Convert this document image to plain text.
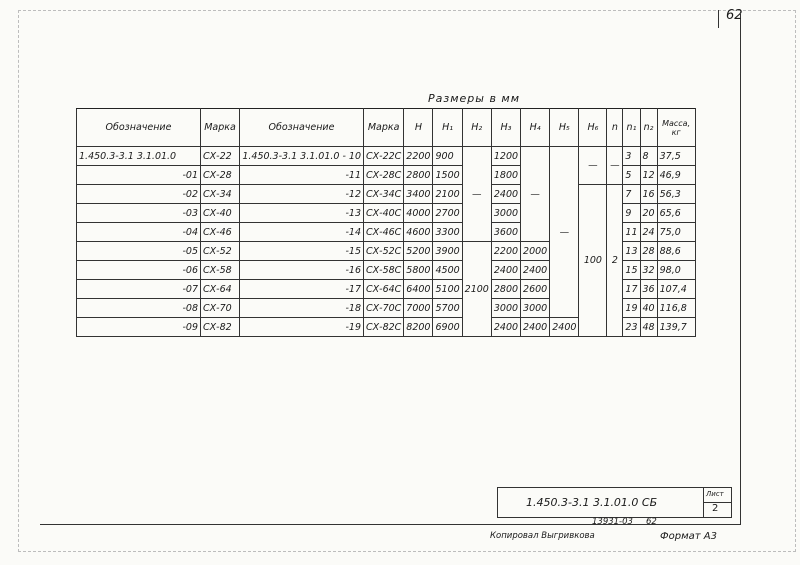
62
Размеры в мм
Обозначение	Марка	Обозначение	Марка	H	H₁	H₂	H₃	H₄	H₅	H₆	n	n₁	n₂	Масса, кг
1.450.3-3.1 3.1.01.0	СХ-22	1.450.3-3.1 3.1.01.0 - 10	СХ-22С	2200	900	—	1200	—	—	—	—	3	8	37,5
-01	СХ-28	-11	СХ-28С	2800	1500		1800					5	12	46,9
-02	СХ-34	-12	СХ-34С	3400	2100		2400			100	2	7	16	56,3
-03	СХ-40	-13	СХ-40С	4000	2700		3000					9	20	65,6
-04	СХ-46	-14	СХ-46С	4600	3300		3600					11	24	75,0
-05	СХ-52	-15	СХ-52С	5200	3900	2100	2200	2000				13	28	88,6
-06	СХ-58	-16	СХ-58С	5800	4500		2400	2400				15	32	98,0
-07	СХ-64	-17	СХ-64С	6400	5100		2800	2600				17	36	107,4
-08	СХ-70	-18	СХ-70С	7000	5700		3000	3000				19	40	116,8
-09	СХ-82	-19	СХ-82С	8200	6900		2400	2400	2400			23	48	139,7
1.450.3-3.1 3.1.01.0 СБ
Лист
2
13931-03 62
Копировал Выгривкова	Формат А3
